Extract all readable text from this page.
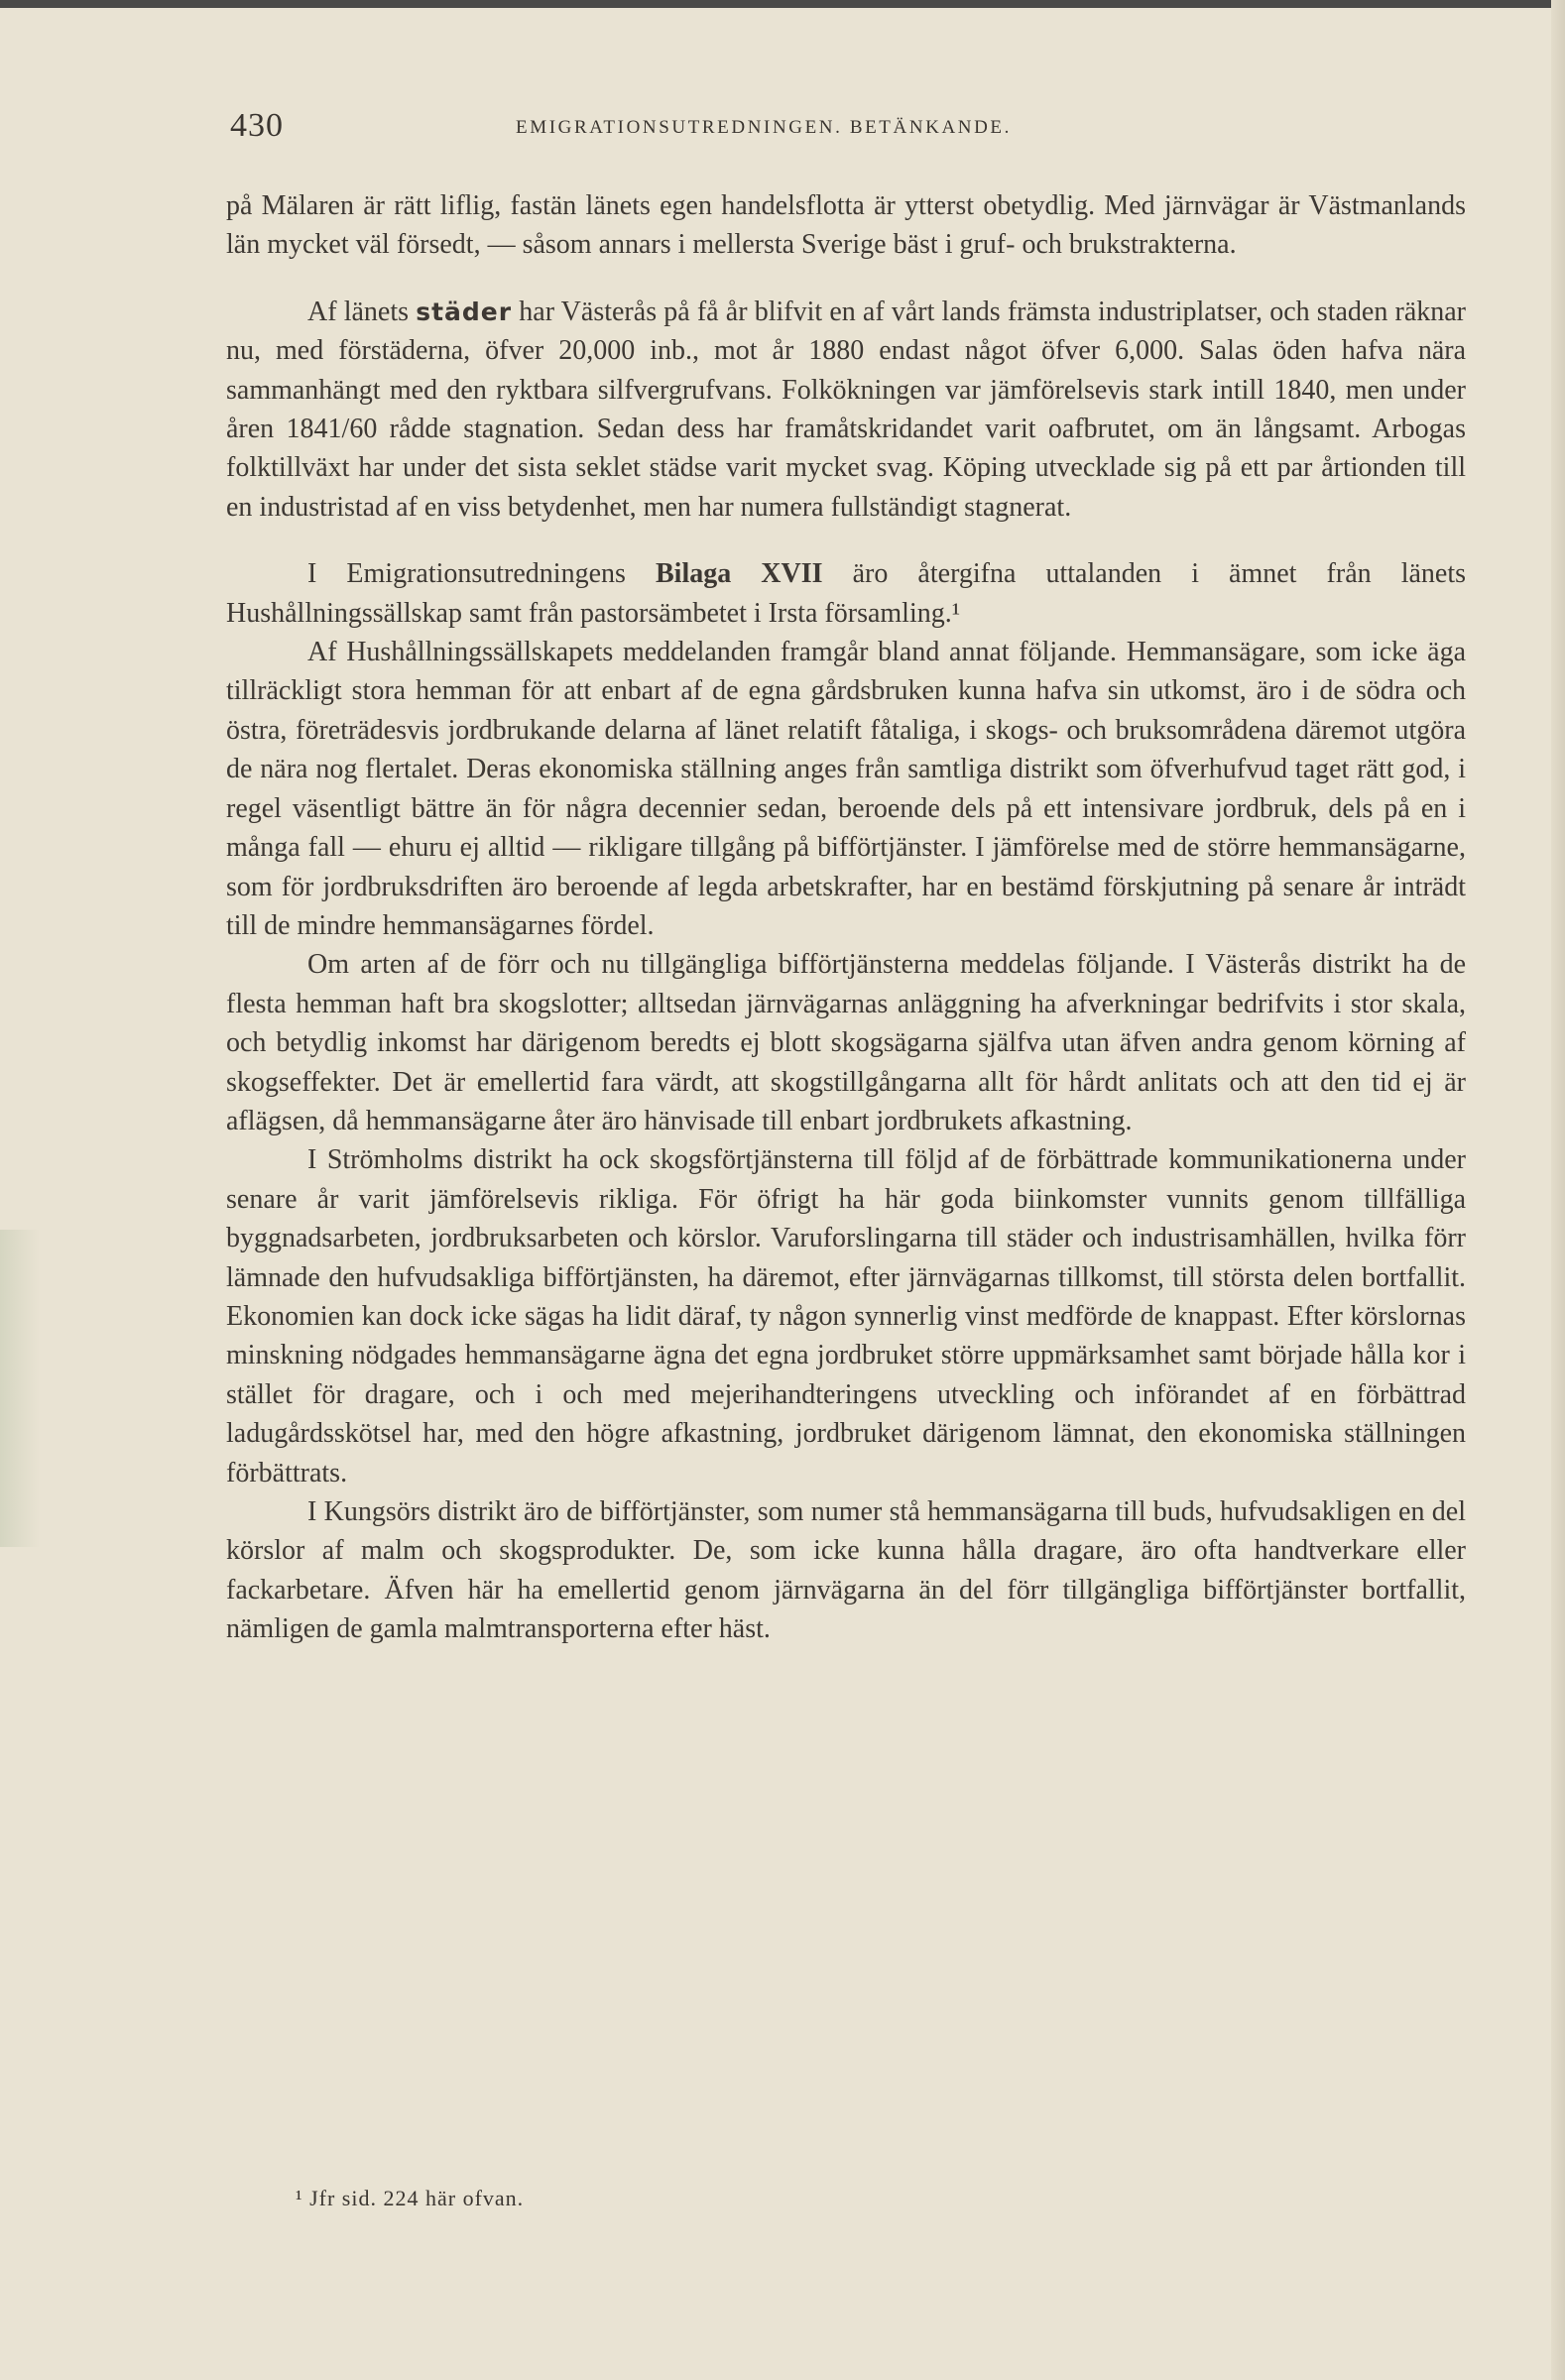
430	EMIGRATIONSUTREDNINGEN. BETÄNKANDE.

på Mälaren är rätt liflig, fastän länets egen handelsflotta är ytterst obetydlig. Med järnvägar är Västmanlands län mycket väl försedt, — såsom annars i mellersta Sverige bäst i gruf- och brukstrakterna.

Af länets städer har Västerås på få år blifvit en af vårt lands främsta industriplatser, och staden räknar nu, med förstäderna, öfver 20,000 inb., mot år 1880 endast något öfver 6,000. Salas öden hafva nära sammanhängt med den ryktbara silfvergrufvans. Folkökningen var jämförelsevis stark intill 1840, men under åren 1841/60 rådde stagnation. Sedan dess har framåtskridandet varit oafbrutet, om än långsamt. Arbogas folktillväxt har under det sista seklet städse varit mycket svag. Köping utvecklade sig på ett par årtionden till en industristad af en viss betydenhet, men har numera fullständigt stagnerat.

I Emigrationsutredningens Bilaga XVII äro återgifna uttalanden i ämnet från länets Hushållningssällskap samt från pastorsämbetet i Irsta församling.¹

Af Hushållningssällskapets meddelanden framgår bland annat följande. Hemmansägare, som icke äga tillräckligt stora hemman för att enbart af de egna gårdsbruken kunna hafva sin utkomst, äro i de södra och östra, företrädesvis jordbrukande delarna af länet relatift fåtaliga, i skogs- och bruksområdena däremot utgöra de nära nog flertalet. Deras ekonomiska ställning anges från samtliga distrikt som öfverhufvud taget rätt god, i regel väsentligt bättre än för några decennier sedan, beroende dels på ett intensivare jordbruk, dels på en i många fall — ehuru ej alltid — rikligare tillgång på bifförtjänster. I jämförelse med de större hemmansägarne, som för jordbruksdriften äro beroende af legda arbetskrafter, har en bestämd förskjutning på senare år inträdt till de mindre hemmansägarnes fördel.

Om arten af de förr och nu tillgängliga bifförtjänsterna meddelas följande. I Västerås distrikt ha de flesta hemman haft bra skogslotter; alltsedan järnvägarnas anläggning ha afverkningar bedrifvits i stor skala, och betydlig inkomst har därigenom beredts ej blott skogsägarna själfva utan äfven andra genom körning af skogseffekter. Det är emellertid fara värdt, att skogstillgångarna allt för hårdt anlitats och att den tid ej är aflägsen, då hemmansägarne åter äro hänvisade till enbart jordbrukets afkastning.

I Strömholms distrikt ha ock skogsförtjänsterna till följd af de förbättrade kommunikationerna under senare år varit jämförelsevis rikliga. För öfrigt ha här goda biinkomster vunnits genom tillfälliga byggnadsarbeten, jordbruksarbeten och körslor. Varuforslingarna till städer och industrisamhällen, hvilka förr lämnade den hufvudsakliga bifförtjänsten, ha däremot, efter järnvägarnas tillkomst, till största delen bortfallit. Ekonomien kan dock icke sägas ha lidit däraf, ty någon synnerlig vinst medförde de knappast. Efter körslornas minskning nödgades hemmansägarne ägna det egna jordbruket större uppmärksamhet samt började hålla kor i stället för dragare, och i och med mejerihandteringens utveckling och införandet af en förbättrad ladugårdsskötsel har, med den högre afkastning, jordbruket därigenom lämnat, den ekonomiska ställningen förbättrats.

I Kungsörs distrikt äro de bifförtjänster, som numer stå hemmansägarna till buds, hufvudsakligen en del körslor af malm och skogsprodukter. De, som icke kunna hålla dragare, äro ofta handtverkare eller fackarbetare. Äfven här ha emellertid genom järnvägarna än del förr tillgängliga bifförtjänster bortfallit, nämligen de gamla malmtransporterna efter häst.

¹ Jfr sid. 224 här ofvan.
